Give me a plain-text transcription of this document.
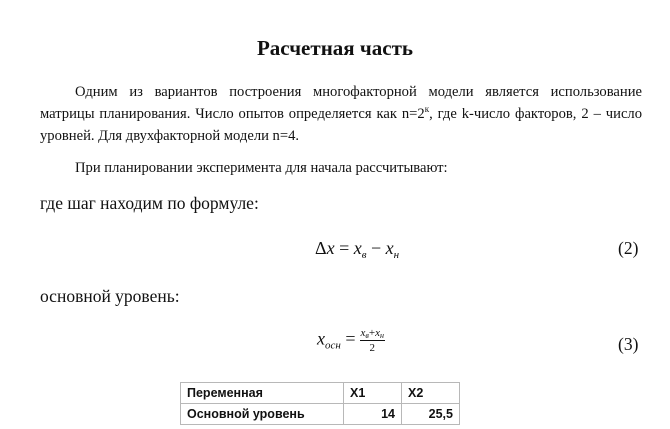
Расчетная часть

Одним из вариантов построения многофакторной модели является использование матрицы планирования. Число опытов определяется как $n=2^к$, где k-число факторов, 2 – число уровней. Для двухфакторной модели n=4.

При планировании эксперимента для начала рассчитывают:

где шаг находим по формуле:

$\Delta x = x_в - x_н$	(2)

основной уровень:

$x_{осн} = \frac{x_в+x_н}{2}$	(3)
Переменная	X1	X2
Основной уровень	14	25,5
